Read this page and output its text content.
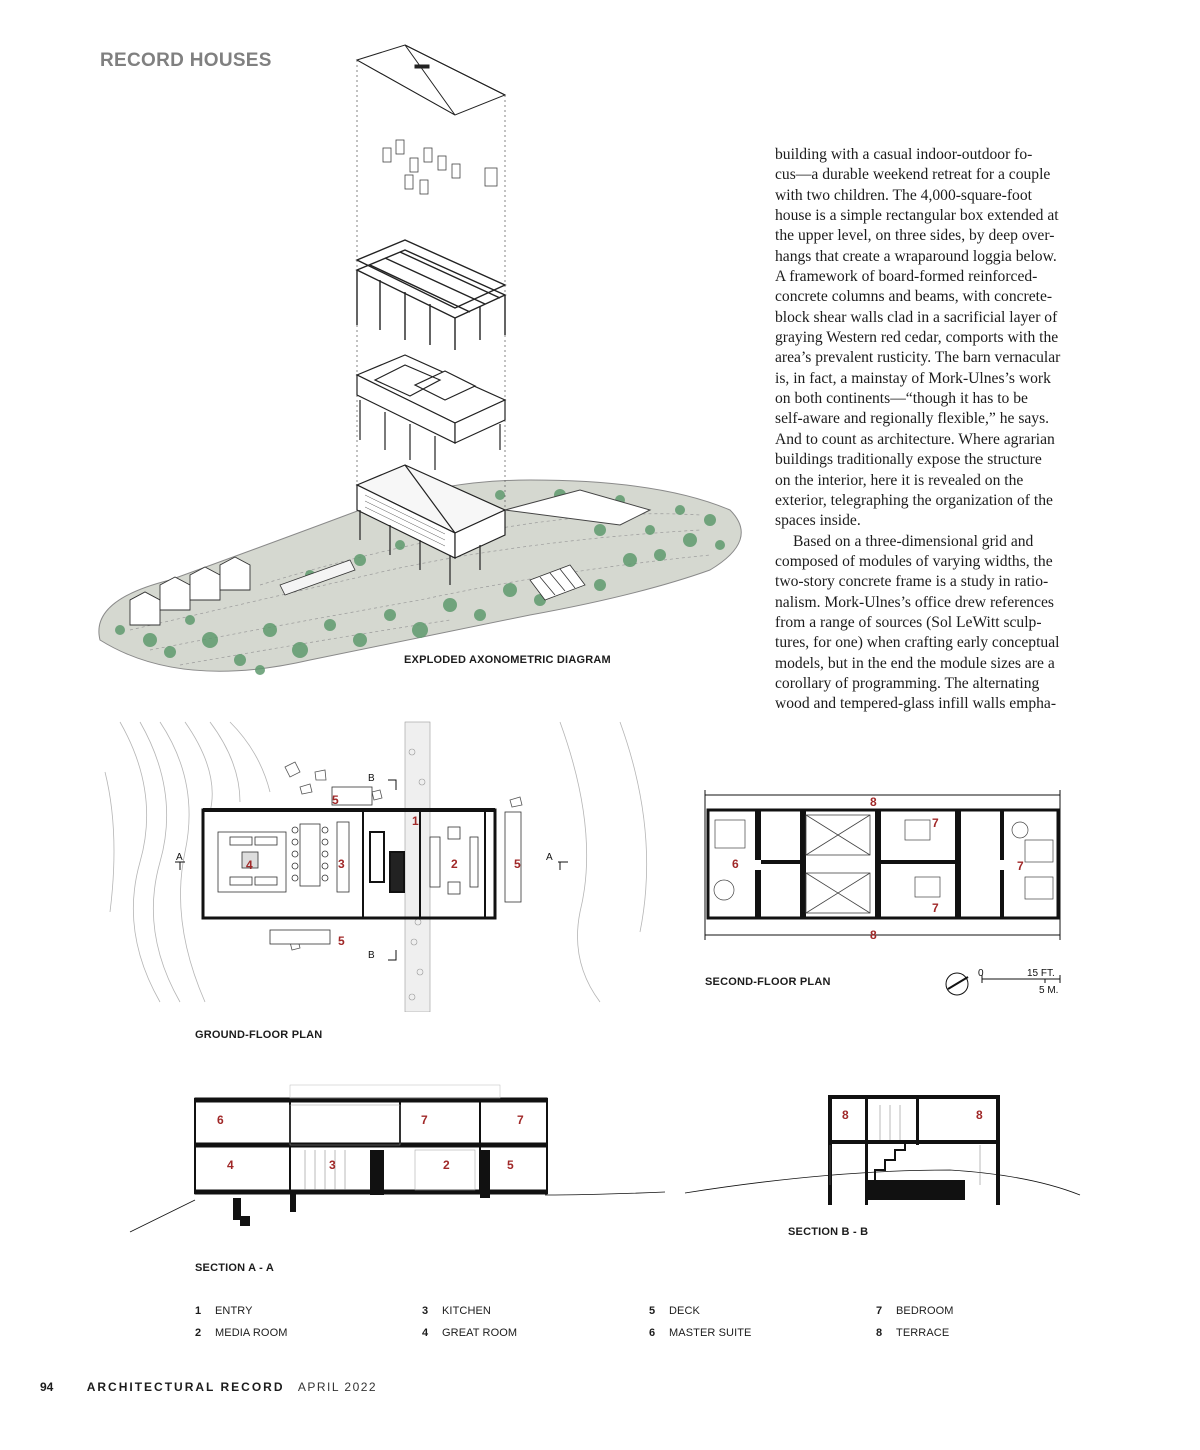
RECORD HOUSES
EXPLODED AXONOMETRIC DIAGRAM
building with a casual indoor-outdoor fo-
cus—a durable weekend retreat for a couple
with two children. The 4,000-square-foot
house is a simple rectangular box extended at
the upper level, on three sides, by deep over-
hangs that create a wraparound loggia below.
A framework of board-formed reinforced-
concrete columns and beams, with concrete-
block shear walls clad in a sacrificial layer of
graying Western red cedar, comports with the
area’s prevalent rusticity. The barn vernacular
is, in fact, a mainstay of Mork-Ulnes’s work
on both continents—“though it has to be
self-aware and regionally flexible,” he says.
And to count as architecture. Where agrarian
buildings traditionally expose the structure
on the interior, here it is revealed on the
exterior, telegraphing the organization of the
spaces inside.
Based on a three-dimensional grid and
composed of modules of varying widths, the
two-story concrete frame is a study in ratio-
nalism. Mork-Ulnes’s office drew references
from a range of sources (Sol LeWitt sculp-
tures, for one) when crafting early conceptual
models, but in the end the module sizes are a
corollary of programming. The alternating
wood and tempered-glass infill walls empha-
A	A
B
B
1
2
3
4
5
5
5
GROUND-FLOOR PLAN
6
7
7
7
8
8
SECOND-FLOOR PLAN
0	15 FT.
5 M.
6	7	7
4	3	2	5
SECTION A - A
8	8
SECTION B - B
1 ENTRY
2 MEDIA ROOM
3 KITCHEN
4 GREAT ROOM
5 DECK
6 MASTER SUITE
7 BEDROOM
8 TERRACE
94	ARCHITECTURAL RECORD APRIL 2022
